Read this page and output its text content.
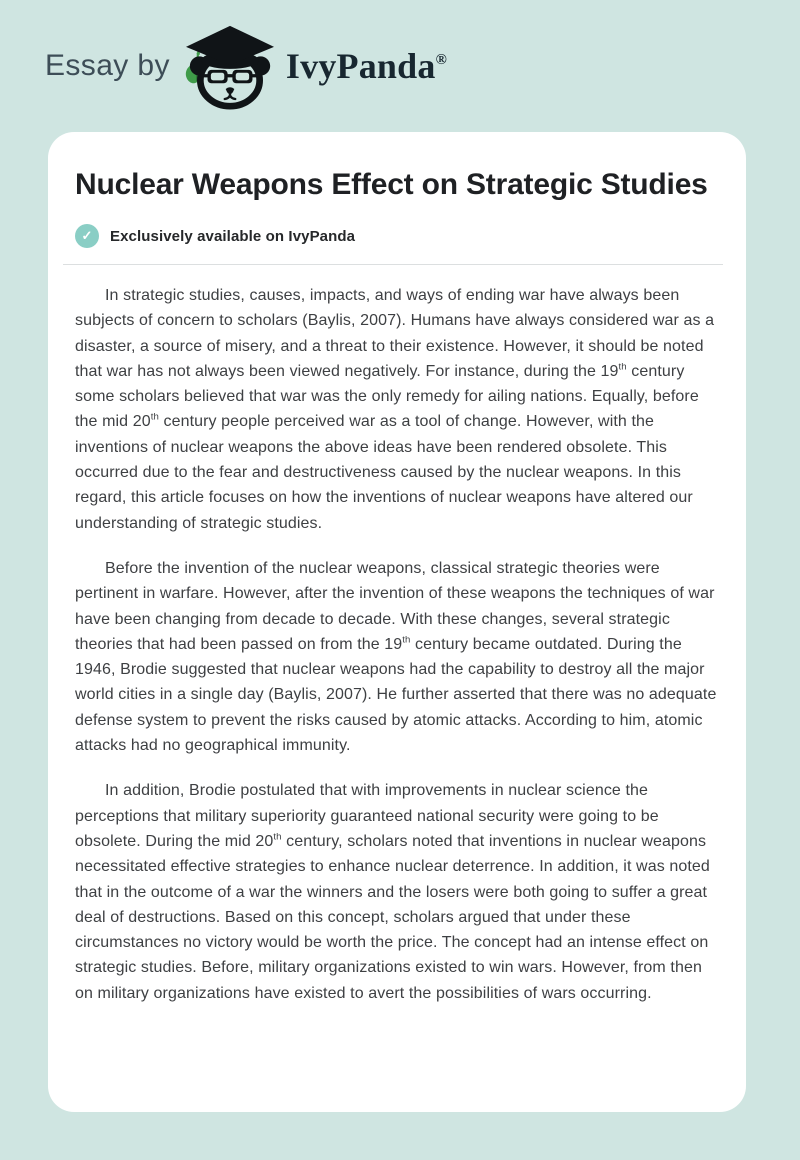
Essay by	IvyPanda®
Nuclear Weapons Effect on Strategic Studies
✓	Exclusively available on IvyPanda

In strategic studies, causes, impacts, and ways of ending war have always been subjects of concern to scholars (Baylis, 2007). Humans have always considered war as a disaster, a source of misery, and a threat to their existence. However, it should be noted that war has not always been viewed negatively. For instance, during the 19th century some scholars believed that war was the only remedy for ailing nations. Equally, before the mid 20th century people perceived war as a tool of change. However, with the inventions of nuclear weapons the above ideas have been rendered obsolete. This occurred due to the fear and destructiveness caused by the nuclear weapons. In this regard, this article focuses on how the inventions of nuclear weapons have altered our understanding of strategic studies.

Before the invention of the nuclear weapons, classical strategic theories were pertinent in warfare. However, after the invention of these weapons the techniques of war have been changing from decade to decade. With these changes, several strategic theories that had been passed on from the 19th century became outdated. During the 1946, Brodie suggested that nuclear weapons had the capability to destroy all the major world cities in a single day (Baylis, 2007). He further asserted that there was no adequate defense system to prevent the risks caused by atomic attacks. According to him, atomic attacks had no geographical immunity.

In addition, Brodie postulated that with improvements in nuclear science the perceptions that military superiority guaranteed national security were going to be obsolete. During the mid 20th century, scholars noted that inventions in nuclear weapons necessitated effective strategies to enhance nuclear deterrence. In addition, it was noted that in the outcome of a war the winners and the losers were both going to suffer a great deal of destructions. Based on this concept, scholars argued that under these circumstances no victory would be worth the price. The concept had an intense effect on strategic studies. Before, military organizations existed to win wars. However, from then on military organizations have existed to avert the possibilities of wars occurring.
